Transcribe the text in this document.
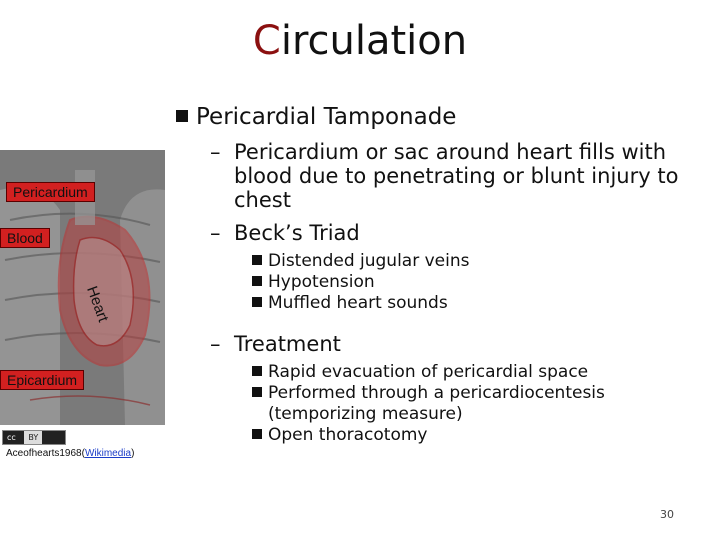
Circulation
Pericardial Tamponade
– Pericardium or sac around heart fills with
blood due to penetrating or blunt injury to
chest
– Beck’s Triad
Distended jugular veins
Hypotension
Muffled heart sounds
– Treatment
Rapid evacuation of pericardial space
Performed through a pericardiocentesis
(temporizing measure)
Open thoracotomy
Pericardium
Blood
Heart
Epicardium
cc BY
Aceofhearts1968(Wikimedia)
30
